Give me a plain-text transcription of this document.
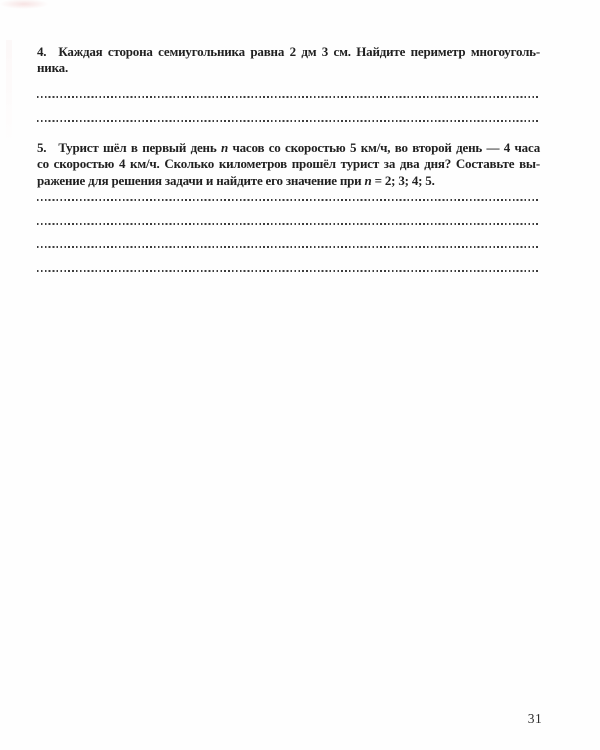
4. Каждая сторона семиугольника равна 2 дм 3 см. Найдите периметр многоуголь-

ника.

5. Турист шёл в первый день n часов со скоростью 5 км/ч, во второй день — 4 часа

со скоростью 4 км/ч. Сколько километров прошёл турист за два дня? Составьте вы-

ражение для решения задачи и найдите его значение при n = 2; 3; 4; 5.

31
